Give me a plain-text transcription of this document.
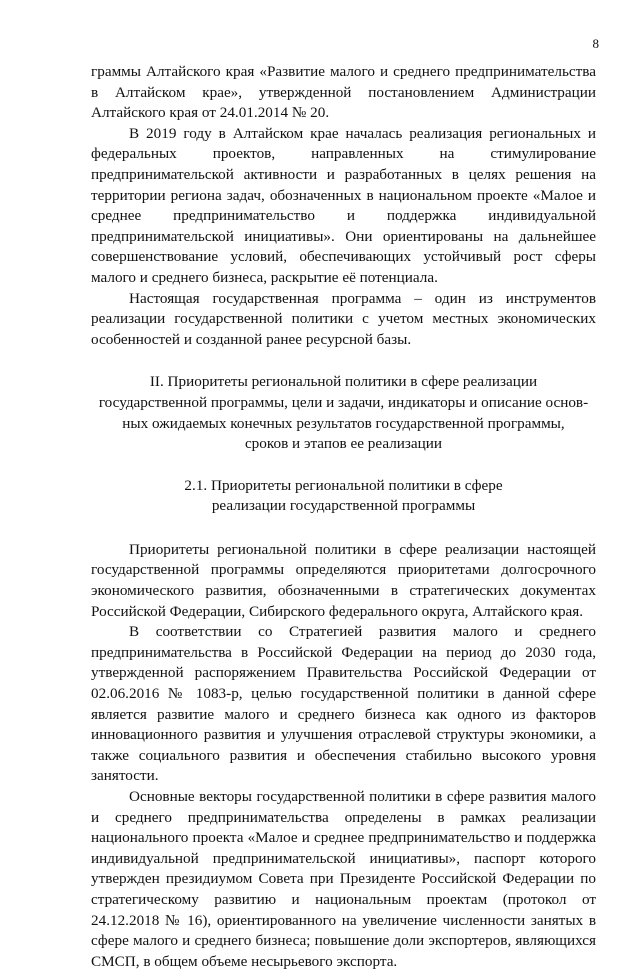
8

граммы Алтайского края «Развитие малого и среднего предпринимательства в Алтайском крае», утвержденной постановлением Администрации Алтайского края от 24.01.2014 № 20.

В 2019 году в Алтайском крае началась реализация региональных и федеральных проектов, направленных на стимулирование предпринимательской активности и разработанных в целях решения на территории региона задач, обозначенных в национальном проекте «Малое и среднее предпринимательство и поддержка индивидуальной предпринимательской инициативы». Они ориентированы на дальнейшее совершенствование условий, обеспечивающих устойчивый рост сферы малого и среднего бизнеса, раскрытие её потенциала.

Настоящая государственная программа – один из инструментов реализации государственной политики с учетом местных экономических особенностей и созданной ранее ресурсной базы.

II. Приоритеты региональной политики в сфере реализации
государственной программы, цели и задачи, индикаторы и описание основ-
ных ожидаемых конечных результатов государственной программы,
сроков и этапов ее реализации
2.1. Приоритеты региональной политики в сфере
реализации государственной программы

Приоритеты региональной политики в сфере реализации настоящей государственной программы определяются приоритетами долгосрочного экономического развития, обозначенными в стратегических документах Российской Федерации, Сибирского федерального округа, Алтайского края.

В соответствии со Стратегией развития малого и среднего предпринимательства в Российской Федерации на период до 2030 года, утвержденной распоряжением Правительства Российской Федерации от 02.06.2016 № 1083-р, целью государственной политики в данной сфере является развитие малого и среднего бизнеса как одного из факторов инновационного развития и улучшения отраслевой структуры экономики, а также социального развития и обеспечения стабильно высокого уровня занятости.

Основные векторы государственной политики в сфере развития малого и среднего предпринимательства определены в рамках реализации национального проекта «Малое и среднее предпринимательство и поддержка индивидуальной предпринимательской инициативы», паспорт которого утвержден президиумом Совета при Президенте Российской Федерации по стратегическому развитию и национальным проектам (протокол от 24.12.2018 № 16), ориентированного на увеличение численности занятых в сфере малого и среднего бизнеса; повышение доли экспортеров, являющихся СМСП, в общем объеме несырьевого экспорта.
